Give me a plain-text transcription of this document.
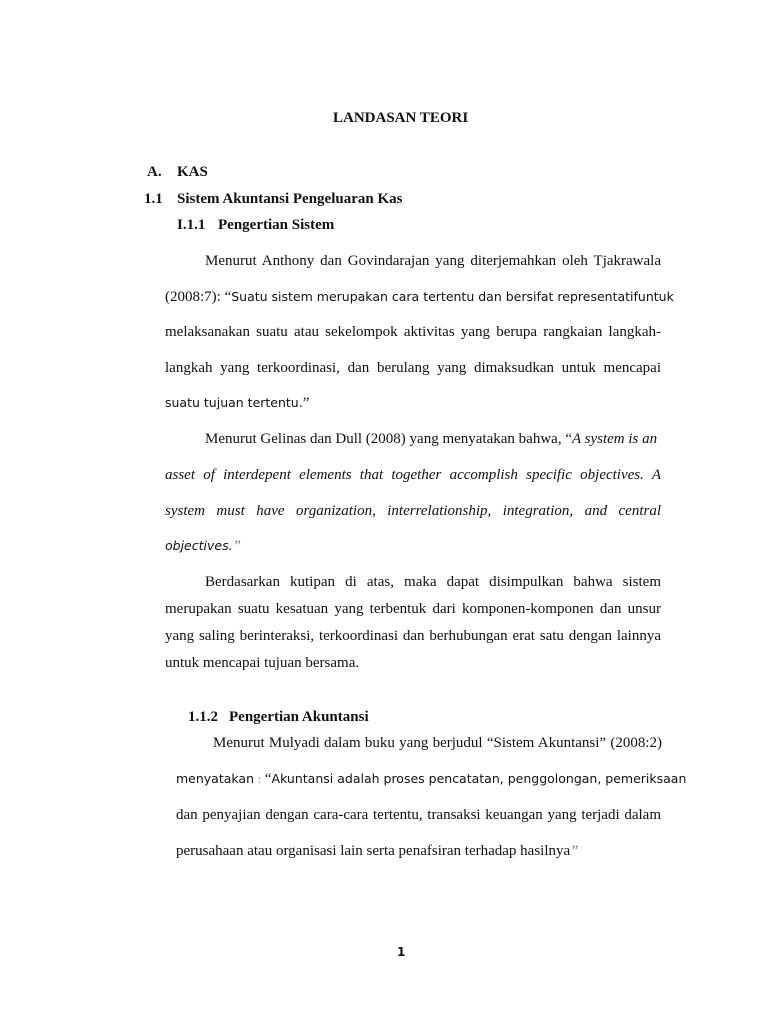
LANDASAN TEORI
A. KAS
1.1 Sistem Akuntansi Pengeluaran Kas
I.1.1 Pengertian Sistem
Menurut Anthony dan Govindarajan yang diterjemahkan oleh Tjakrawala
(2008:7): “Suatu sistem merupakan cara tertentu dan bersifat representatif untuk
melaksanakan suatu atau sekelompok aktivitas yang berupa rangkaian langkah-
langkah yang terkoordinasi, dan berulang yang dimaksudkan untuk mencapai
suatu tujuan tertentu.”
Menurut Gelinas dan Dull (2008) yang menyatakan bahwa, “A system is an
asset of interdepent elements that together accomplish specific objectives. A
system must have organization, interrelationship, integration, and central
objectives.”
Berdasarkan kutipan di atas, maka dapat disimpulkan bahwa sistem
merupakan suatu kesatuan yang terbentuk dari komponen-komponen dan unsur
yang saling berinteraksi, terkoordinasi dan berhubungan erat satu dengan lainnya
untuk mencapai tujuan bersama.
1.1.2 Pengertian Akuntansi
Menurut Mulyadi dalam buku yang berjudul “Sistem Akuntansi” (2008:2)
menyatakan : “Akuntansi adalah proses pencatatan, penggolongan, pemeriksaan
dan penyajian dengan cara-cara tertentu, transaksi keuangan yang terjadi dalam
perusahaan atau organisasi lain serta penafsiran terhadap hasilnya”
1
